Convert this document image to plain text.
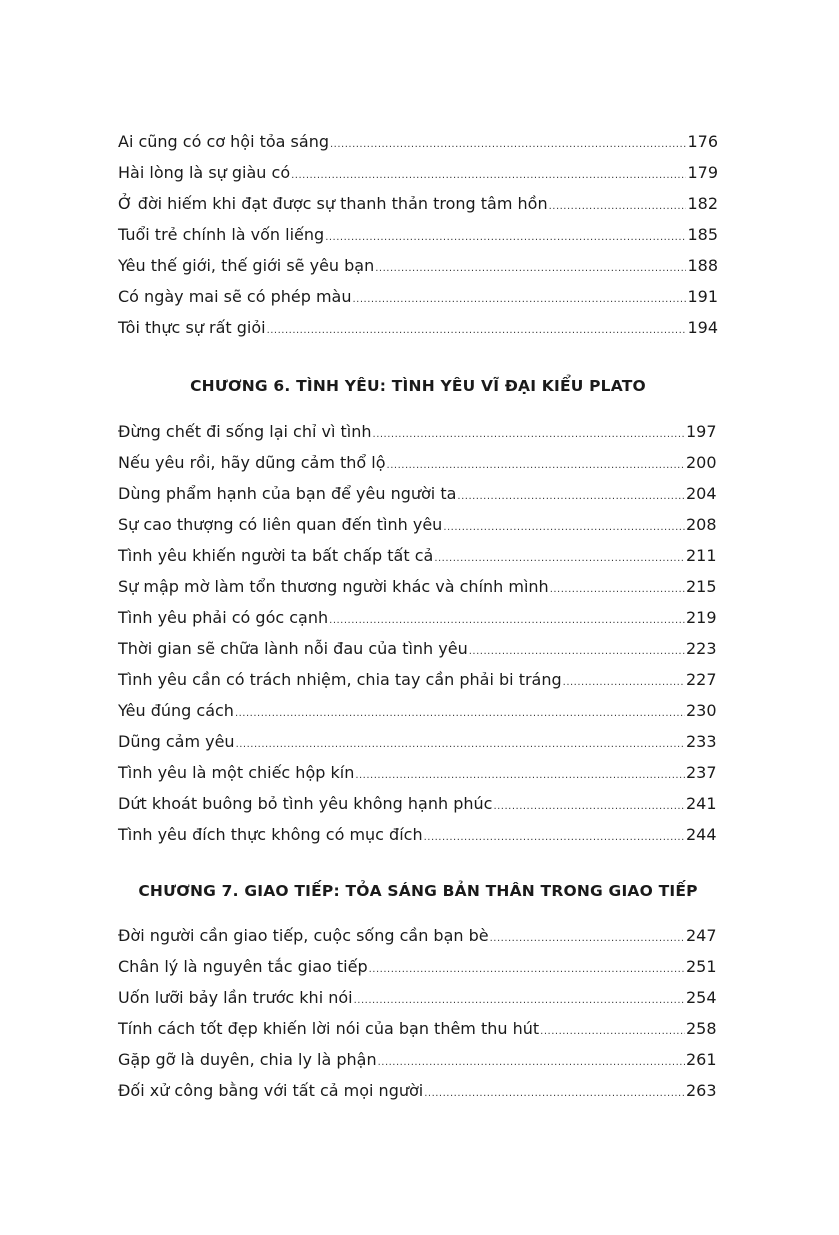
Ai cũng có cơ hội tỏa sáng .....	176
Hài lòng là sự giàu có .....	179
Ở đời hiếm khi đạt được sự thanh thản trong tâm hồn .....	182
Tuổi trẻ chính là vốn liếng .....	185
Yêu thế giới, thế giới sẽ yêu bạn .....	188
Có ngày mai sẽ có phép màu .....	191
Tôi thực sự rất giỏi .....	194
CHƯƠNG 6. TÌNH YÊU: TÌNH YÊU VĨ ĐẠI KIỂU PLATO
Đừng chết đi sống lại chỉ vì tình .....	197
Nếu yêu rồi, hãy dũng cảm thổ lộ .....	200
Dùng phẩm hạnh của bạn để yêu người ta .....	204
Sự cao thượng có liên quan đến tình yêu .....	208
Tình yêu khiến người ta bất chấp tất cả .....	211
Sự mập mờ làm tổn thương người khác và chính mình .....	215
Tình yêu phải có góc cạnh .....	219
Thời gian sẽ chữa lành nỗi đau của tình yêu .....	223
Tình yêu cần có trách nhiệm, chia tay cần phải bi tráng .....	227
Yêu đúng cách .....	230
Dũng cảm yêu .....	233
Tình yêu là một chiếc hộp kín .....	237
Dứt khoát buông bỏ tình yêu không hạnh phúc .....	241
Tình yêu đích thực không có mục đích .....	244
CHƯƠNG 7. GIAO TIẾP: TỎA SÁNG BẢN THÂN TRONG GIAO TIẾP
Đời người cần giao tiếp, cuộc sống cần bạn bè .....	247
Chân lý là nguyên tắc giao tiếp .....	251
Uốn lưỡi bảy lần trước khi nói .....	254
Tính cách tốt đẹp khiến lời nói của bạn thêm thu hút .....	258
Gặp gỡ là duyên, chia ly là phận .....	261
Đối xử công bằng với tất cả mọi người .....	263
